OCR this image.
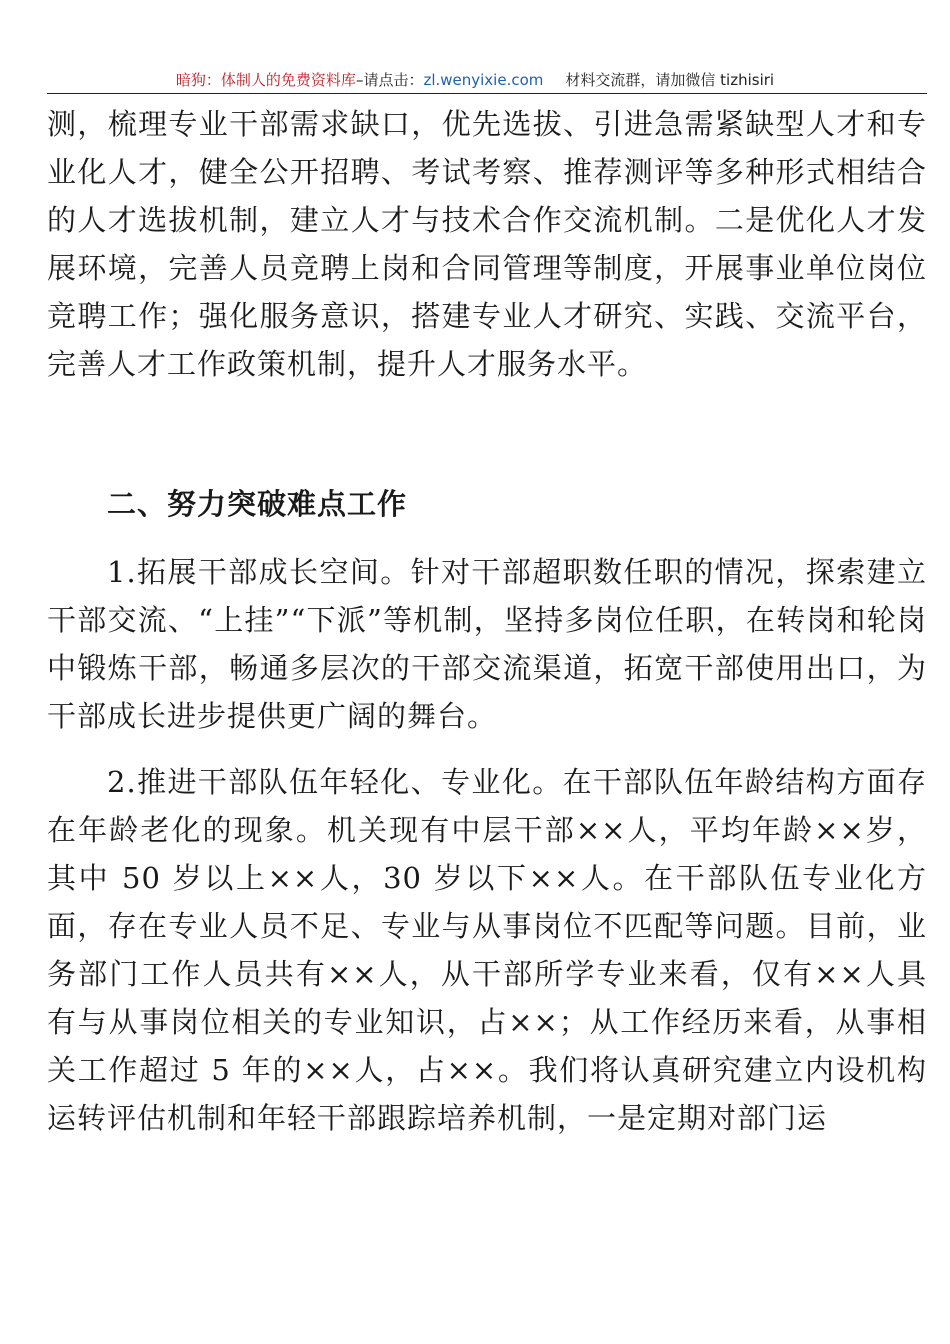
暗狗：体制人的免费资料库–请点击：zl.wenyixie.com 材料交流群，请加微信 tizhisiri

测，梳理专业干部需求缺口，优先选拔、引进急需紧缺型人才和专业化人才，健全公开招聘、考试考察、推荐测评等多种形式相结合的人才选拔机制，建立人才与技术合作交流机制。二是优化人才发展环境，完善人员竞聘上岗和合同管理等制度，开展事业单位岗位竞聘工作；强化服务意识，搭建专业人才研究、实践、交流平台，完善人才工作政策机制，提升人才服务水平。

二、努力突破难点工作

1.拓展干部成长空间。针对干部超职数任职的情况，探索建立干部交流、“上挂”“下派”等机制，坚持多岗位任职，在转岗和轮岗中锻炼干部，畅通多层次的干部交流渠道，拓宽干部使用出口，为干部成长进步提供更广阔的舞台。

2.推进干部队伍年轻化、专业化。在干部队伍年龄结构方面存在年龄老化的现象。机关现有中层干部××人，平均年龄××岁，其中 50 岁以上××人，30 岁以下××人。在干部队伍专业化方面，存在专业人员不足、专业与从事岗位不匹配等问题。目前，业务部门工作人员共有××人，从干部所学专业来看，仅有××人具有与从事岗位相关的专业知识，占××；从工作经历来看，从事相关工作超过 5 年的××人，占××。我们将认真研究建立内设机构运转评估机制和年轻干部跟踪培养机制，一是定期对部门运
